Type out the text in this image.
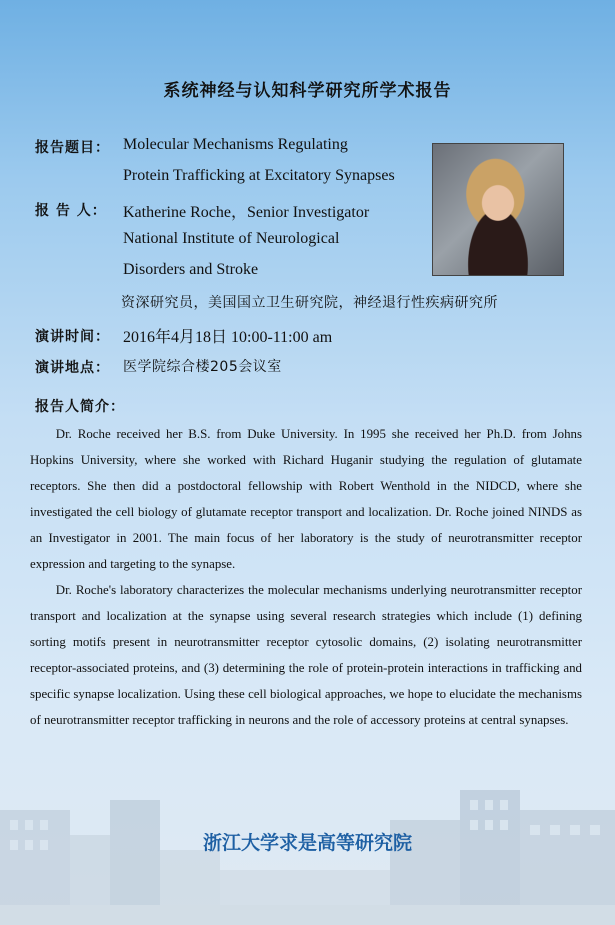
系统神经与认知科学研究所学术报告
报告题目： Molecular Mechanisms Regulating
Protein Trafficking at Excitatory Synapses
报 告 人： Katherine Roche，Senior Investigator
National Institute of Neurological
Disorders and Stroke
资深研究员，美国国立卫生研究院，神经退行性疾病研究所
演讲时间： 2016年4月18日 10:00-11:00 am
演讲地点： 医学院综合楼205会议室
报告人简介：

Dr. Roche received her B.S. from Duke University. In 1995 she received her Ph.D. from Johns Hopkins University, where she worked with Richard Huganir studying the regulation of glutamate receptors. She then did a postdoctoral fellowship with Robert Wenthold in the NIDCD, where she investigated the cell biology of glutamate receptor transport and localization. Dr. Roche joined NINDS as an Investigator in 2001. The main focus of her laboratory is the study of neurotransmitter receptor expression and targeting to the synapse.

Dr. Roche's laboratory characterizes the molecular mechanisms underlying neurotransmitter receptor transport and localization at the synapse using several research strategies which include (1) defining sorting motifs present in neurotransmitter receptor cytosolic domains, (2) isolating neurotransmitter receptor-associated proteins, and (3) determining the role of protein-protein interactions in trafficking and specific synapse localization. Using these cell biological approaches, we hope to elucidate the mechanisms of neurotransmitter receptor trafficking in neurons and the role of accessory proteins at central synapses.

浙江大学求是高等研究院
